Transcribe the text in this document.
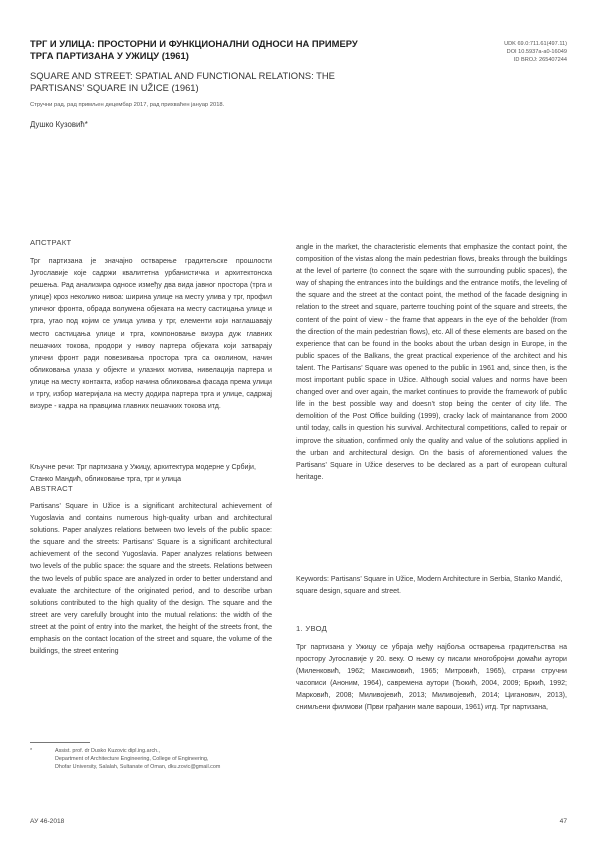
ТРГ И УЛИЦА: ПРОСТОРНИ И ФУНКЦИОНАЛНИ ОДНОСИ НА ПРИМЕРУ ТРГА ПАРТИЗАНА У УЖИЦУ (1961)
SQUARE AND STREET: SPATIAL AND FUNCTIONAL RELATIONS: THE PARTISANS’ SQUARE IN UŽICE (1961)
UDK 69.0:711.61(497.11)
DOI 10.5937a-a0-16049
ID BROJ: 265407244
Стручни рад, рад примљен децембар 2017, рад прихваћен јануар 2018.
Душко Кузовић*
АПСТРАКТ
Трг партизана је значајно остварење градитељске прошлости Југославије које садржи квалитетна урбанистичка и архитектонска решења. Рад анализира односе између два вида јавног простора (трга и улице) кроз неколико нивоа: ширина улице на месту улива у трг, профил уличног фронта, обрада волумена објеката на месту састицања улице и трга, угао под којим се улица улива у трг, елементи који наглашавају место састицања улице и трга, компоновање визура дуж главних пешачких токова, продори у нивоу партера објеката који затварају улични фронт ради повезивања простора трга са околином, начин обликовања улаза у објекте и улазних мотива, нивелација партера и улице на месту контакта, избор начина обликовања фасада према улици и тргу, избор материјала на месту додира партера трга и улице, садржај визуре - кадра на правцима главних пешачких токова итд.
Кључне речи: Трг партизана у Ужицу, архитектура модерне у Србији, Станко Мандић, обликовање трга, трг и улица
ABSTRACT
Partisans’ Square in Užice is a significant architectural achievement of Yugoslavia and contains numerous high-quality urban and architectural solutions. Paper analyzes relations between two levels of the public space: the square and the streets: Partisans’ Square is a significant architectural achievement of the second Yugoslavia. Paper analyzes relations between two levels of the public space: the square and the streets. Relations between the two levels of public space are analyzed in order to better understand and evaluate the architecture of the originated period, and to describe urban solutions contributed to the high quality of the design. The square and the street are very carefully brought into the mutual relations: the width of the street at the point of entry into the market, the height of the streets front, the emphasis on the contact location of the street and square, the volume of the buildings, the street entering
angle in the market, the characteristic elements that emphasize the contact point, the composition of the vistas along the main pedestrian flows, breaks through the buildings at the level of parterre (to connect the sqare with the surrounding public spaces), the way of shaping the entrances into the buildings and the entrance motifs, the leveling of the square and the street at the contact point, the method of the facade designing in relation to the street and square, parterre touching point of the square and streets, the content of the point of view - the frame that appears in the eye of the beholder (from the direction of the main pedestrian flows), etc. All of these elements are based on the experience that can be found in the books about the urban design in Europe, in the public spaces of the Balkans, the great practical experience of the architect and his talent. The Partisans’ Square was opened to the public in 1961 and, since then, is the most important public space in Užice. Although social values and norms have been changed over and over again, the market continues to provide the framework of public life in the best possible way and doesn’t stop being the center of city life. The demolition of the Post Office building (1999), cracky lack of maintanance from 2000 until today, calls in question his survival. Architectural competitions, called to repair or improve the situation, confirmed only the quality and value of the solutions applied in the urban and architectural design. On the basis of aforementioned values the Partisans’ Square in Užice deserves to be declared as a part of european cultural heritage.
Keywords: Partisans’ Square in Užice, Modern Architecture in Serbia, Stanko Mandić, square design, square and street.
1. УВОД
Трг партизана у Ужицу се убраја међу најбоља остварења градитељства на простору Југославије у 20. веку. О њему су писали многобројни домаћи аутори (Миленковић, 1962; Максимовић, 1965; Митровић, 1965), страни стручни часописи (Аноним, 1964), савремена аутори (Ђокић, 2004, 2009; Бркић, 1992; Марковић, 2008; Миливојевић, 2013; Миливојевић, 2014; Циганович, 2013), снимљени филмови (Први грађанин мале вароши, 1961) итд. Трг партизана,
*	Assist. prof. dr Dusko Kuzovic dipl.ing.arch.,
Department of Architecture Engineering, College of Engineering,
Dhofar University, Salalah, Sultanate of Oman, dku.zovic@gmail.com
АУ 46-2018	47
